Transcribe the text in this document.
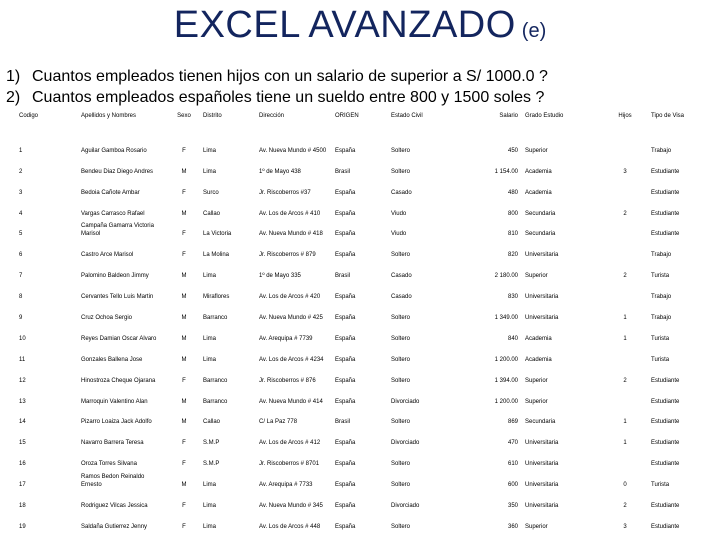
EXCEL AVANZADO (e)
1) Cuantos empleados tienen hijos con un salario de superior a S/ 1000.0 ?
2) Cuantos empleados españoles tiene un sueldo entre 800 y 1500 soles ?
Codigo	Apellidos y Nombres	Sexo	Distrito	Dirección	ORIGEN	Estado Civil	Salario	Grado Estudio	Hijos	Tipo de Visa
1	Aguilar Gamboa Rosario	F	Lima	Av. Nueva Mundo # 4500	España	Soltero	450	Superior		Trabajo
2	Bendeu Diaz Diego Andres	M	Lima	1º de Mayo 438	Brasil	Soltero	1 154.00	Academia	3	Estudiante
3	Bedoia Cañote Ambar	F	Surco	Jr. Riscoberros #37	España	Casado	480	Academia		Estudiante
4	Vargas Carrasco Rafael	M	Callao	Av. Los de Arcos # 410	España	Viudo	800	Secundaria	2	Estudiante
5	Campaña Gamarra Victoria Marisol	F	La Victoria	Av. Nueva Mundo # 418	España	Viudo	810	Secundaria		Estudiante
6	Castro Arce Marisol	F	La Molina	Jr. Riscoberros # 879	España	Soltero	820	Universitaria		Trabajo
7	Palomino Baldeon Jimmy	M	Lima	1º de Mayo 335	Brasil	Casado	2 180.00	Superior	2	Turista
8	Cervantes Tello Luis Martin	M	Miraflores	Av. Los de Arcos # 420	España	Casado	830	Universitaria		Trabajo
9	Cruz Ochoa Sergio	M	Barranco	Av. Nueva Mundo # 425	España	Soltero	1 349.00	Universitaria	1	Trabajo
10	Reyes Damian Oscar Alvaro	M	Lima	Av. Arequipa # 7739	España	Soltero	840	Academia	1	Turista
11	Gonzales Ballena Jose	M	Lima	Av. Los de Arcos # 4234	España	Soltero	1 200.00	Academia		Turista
12	Hinostroza Cheque Ojarana	F	Barranco	Jr. Riscoberros # 876	España	Soltero	1 394.00	Superior	2	Estudiante
13	Marroquin Valentino Alan	M	Barranco	Av. Nueva Mundo # 414	España	Divorciado	1 200.00	Superior		Estudiante
14	Pizarro Loaiza Jack Adolfo	M	Callao	C/ La Paz 778	Brasil	Soltero	869	Secundaria	1	Estudiante
15	Navarro Barrera Teresa	F	S.M.P	Av. Los de Arcos # 412	España	Divorciado	470	Universitaria	1	Estudiante
16	Oroza Torres Silvana	F	S.M.P	Jr. Riscoberros # 8701	España	Soltero	610	Universitaria		Estudiante
17	Ramos Bedon Reinaldo Ernesto	M	Lima	Av. Arequipa # 7733	España	Soltero	600	Universitaria	0	Turista
18	Rodriguez Vilcas Jessica	F	Lima	Av. Nueva Mundo # 345	España	Divorciado	350	Universitaria	2	Estudiante
19	Saldaña Gutierrez Jenny	F	Lima	Av. Los de Arcos # 448	España	Soltero	360	Superior	3	Estudiante
